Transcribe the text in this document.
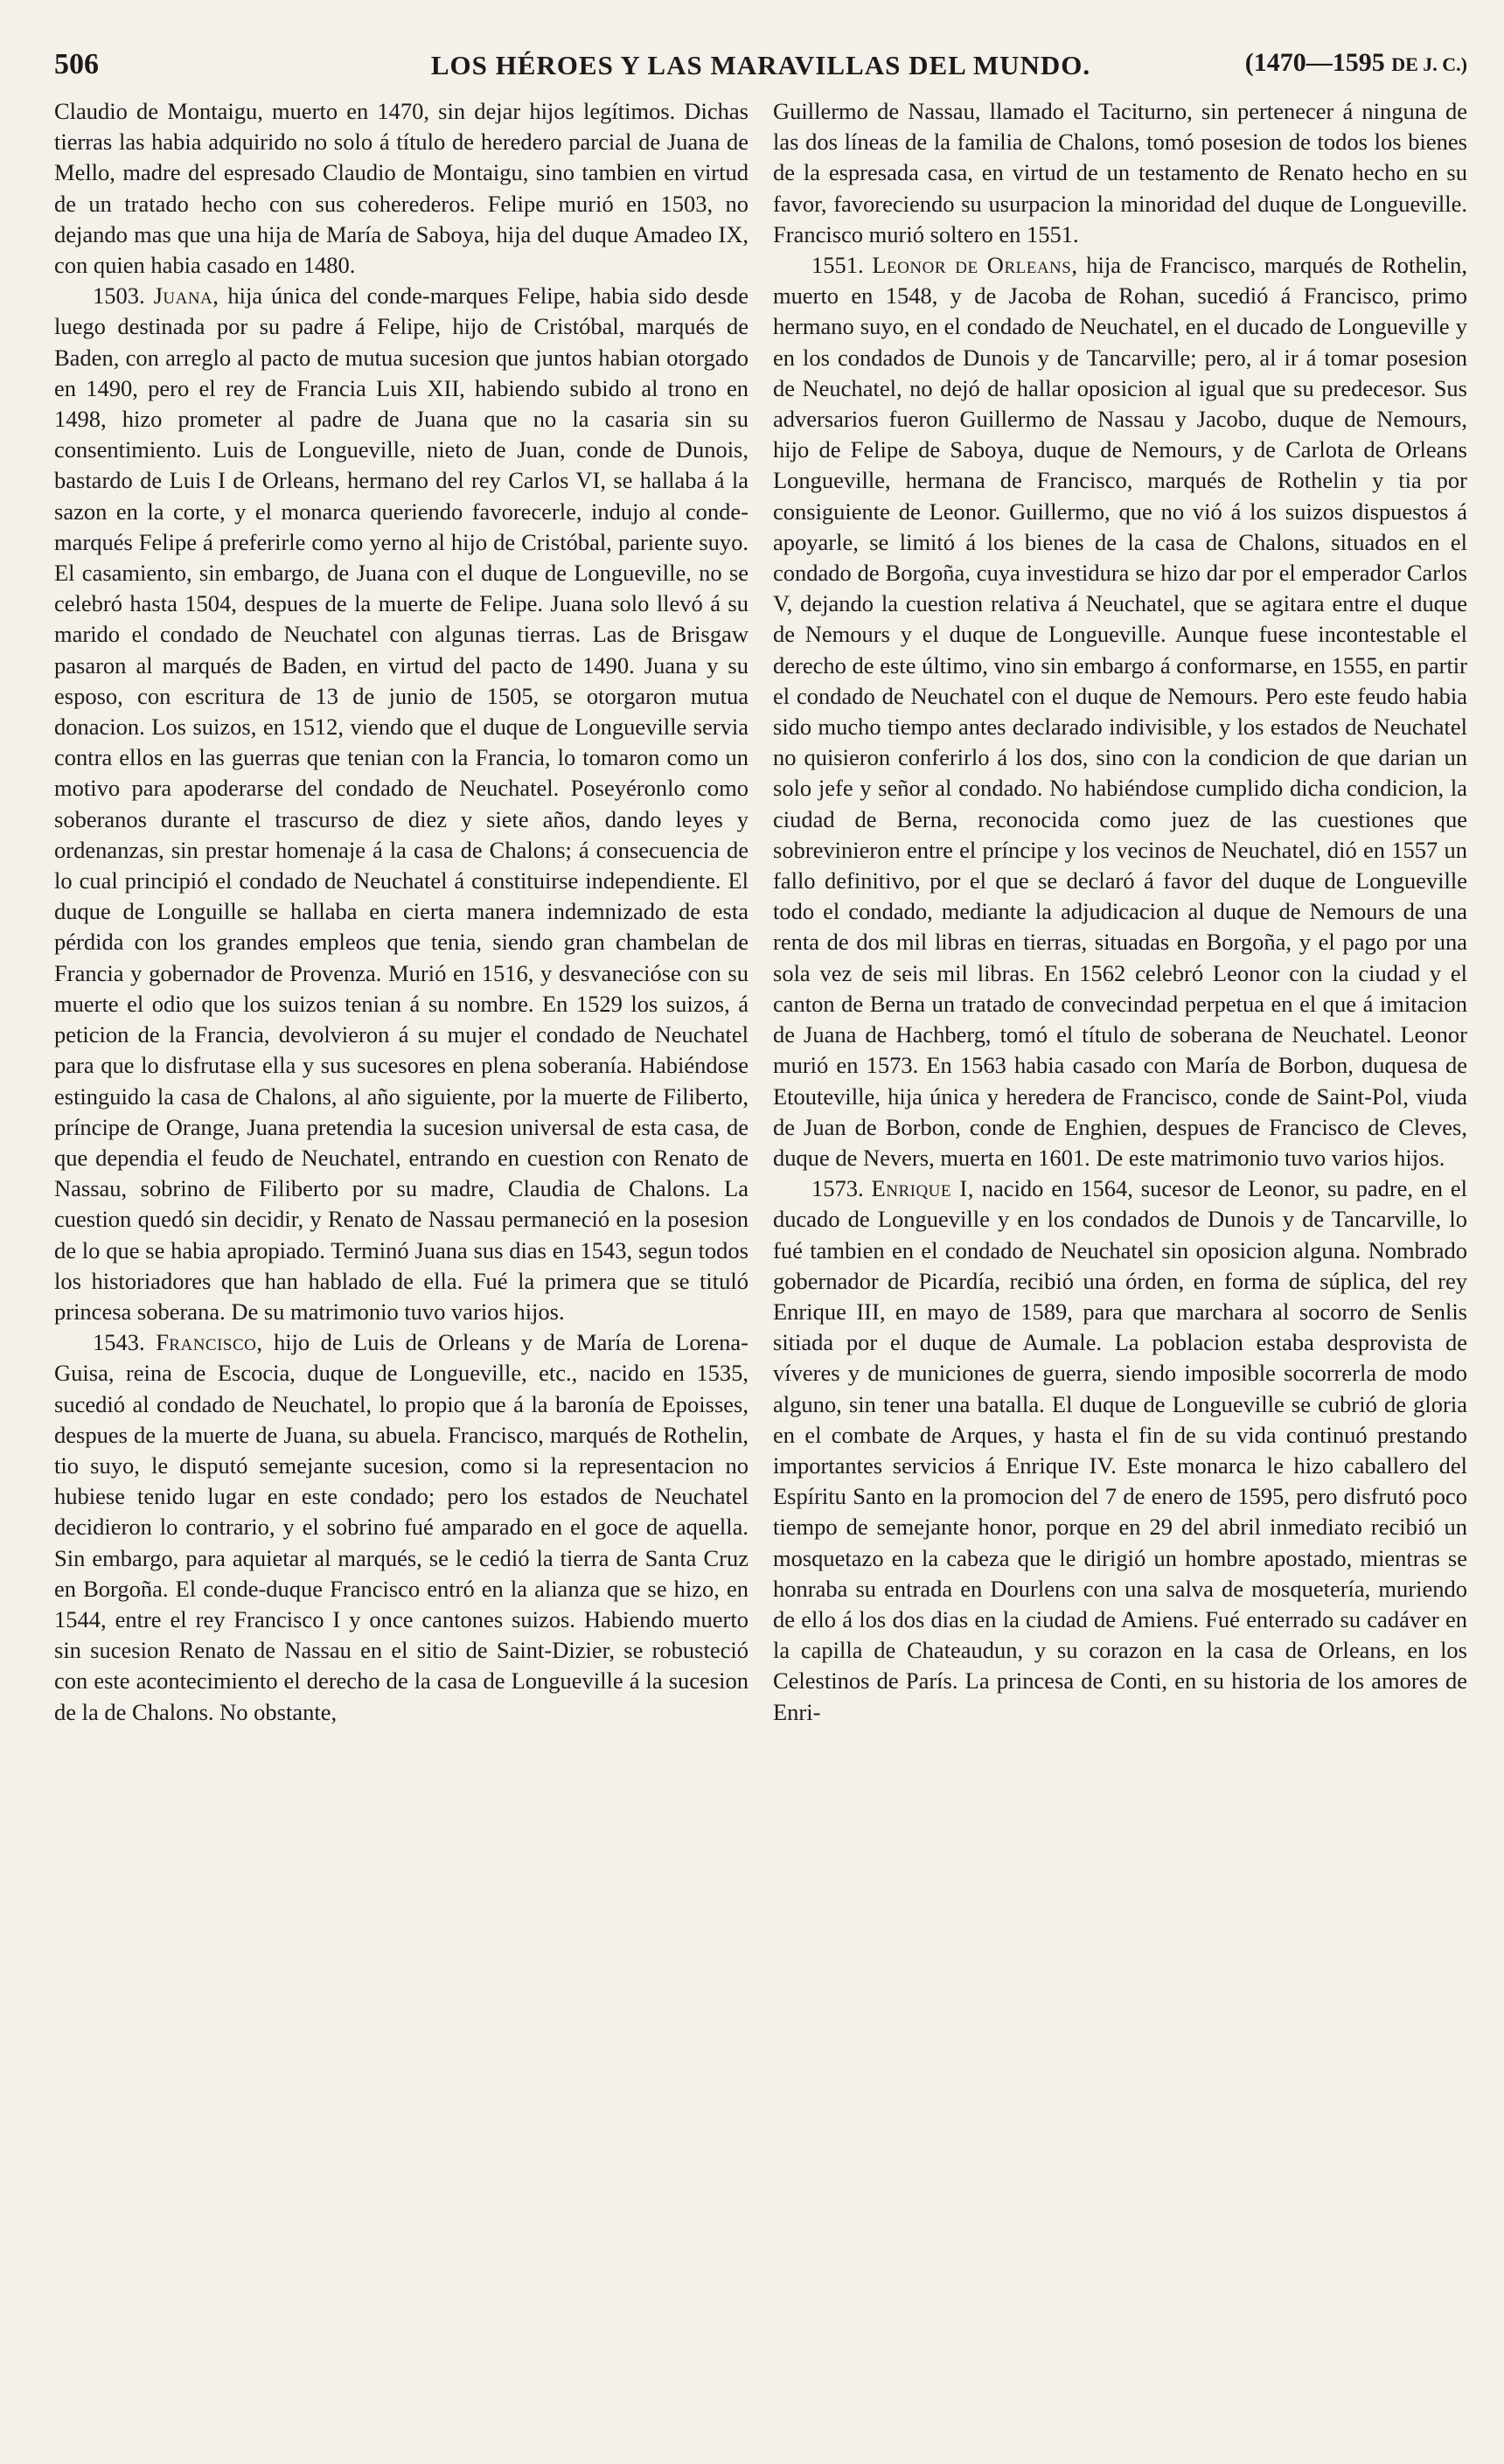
506	LOS HÉROES Y LAS MARAVILLAS DEL MUNDO.	(1470—1595 DE J. C.)

Claudio de Montaigu, muerto en 1470, sin dejar hijos legítimos. Dichas tierras las habia adquirido no solo á título de heredero parcial de Juana de Mello, madre del espresado Claudio de Montaigu, sino tambien en virtud de un tratado hecho con sus coherederos. Felipe murió en 1503, no dejando mas que una hija de María de Saboya, hija del duque Amadeo IX, con quien habia casado en 1480.

1503. Juana, hija única del conde-marques Felipe, habia sido desde luego destinada por su padre á Felipe, hijo de Cristóbal, marqués de Baden, con arreglo al pacto de mutua sucesion que juntos habian otorgado en 1490, pero el rey de Francia Luis XII, habiendo subido al trono en 1498, hizo prometer al padre de Juana que no la casaria sin su consentimiento. Luis de Longueville, nieto de Juan, conde de Dunois, bastardo de Luis I de Orleans, hermano del rey Carlos VI, se hallaba á la sazon en la corte, y el monarca queriendo favorecerle, indujo al conde-marqués Felipe á preferirle como yerno al hijo de Cristóbal, pariente suyo. El casamiento, sin embargo, de Juana con el duque de Longueville, no se celebró hasta 1504, despues de la muerte de Felipe. Juana solo llevó á su marido el condado de Neuchatel con algunas tierras. Las de Brisgaw pasaron al marqués de Baden, en virtud del pacto de 1490. Juana y su esposo, con escritura de 13 de junio de 1505, se otorgaron mutua donacion. Los suizos, en 1512, viendo que el duque de Longueville servia contra ellos en las guerras que tenian con la Francia, lo tomaron como un motivo para apoderarse del condado de Neuchatel. Poseyéronlo como soberanos durante el trascurso de diez y siete años, dando leyes y ordenanzas, sin prestar homenaje á la casa de Chalons; á consecuencia de lo cual principió el condado de Neuchatel á constituirse independiente. El duque de Longuille se hallaba en cierta manera indemnizado de esta pérdida con los grandes empleos que tenia, siendo gran chambelan de Francia y gobernador de Provenza. Murió en 1516, y desvanecióse con su muerte el odio que los suizos tenian á su nombre. En 1529 los suizos, á peticion de la Francia, devolvieron á su mujer el condado de Neuchatel para que lo disfrutase ella y sus sucesores en plena soberanía. Habiéndose estinguido la casa de Chalons, al año siguiente, por la muerte de Filiberto, príncipe de Orange, Juana pretendia la sucesion universal de esta casa, de que dependia el feudo de Neuchatel, entrando en cuestion con Renato de Nassau, sobrino de Filiberto por su madre, Claudia de Chalons. La cuestion quedó sin decidir, y Renato de Nassau permaneció en la posesion de lo que se habia apropiado. Terminó Juana sus dias en 1543, segun todos los historiadores que han hablado de ella. Fué la primera que se tituló princesa soberana. De su matrimonio tuvo varios hijos.

1543. Francisco, hijo de Luis de Orleans y de María de Lorena-Guisa, reina de Escocia, duque de Longueville, etc., nacido en 1535, sucedió al condado de Neuchatel, lo propio que á la baronía de Epoisses, despues de la muerte de Juana, su abuela. Francisco, marqués de Rothelin, tio suyo, le disputó semejante sucesion, como si la representacion no hubiese tenido lugar en este condado; pero los estados de Neuchatel decidieron lo contrario, y el sobrino fué amparado en el goce de aquella. Sin embargo, para aquietar al marqués, se le cedió la tierra de Santa Cruz en Borgoña. El conde-duque Francisco entró en la alianza que se hizo, en 1544, entre el rey Francisco I y once cantones suizos. Habiendo muerto sin sucesion Renato de Nassau en el sitio de Saint-Dizier, se robusteció con este acontecimiento el derecho de la casa de Longueville á la sucesion de la de Chalons. No obstante,

Guillermo de Nassau, llamado el Taciturno, sin pertenecer á ninguna de las dos líneas de la familia de Chalons, tomó posesion de todos los bienes de la espresada casa, en virtud de un testamento de Renato hecho en su favor, favoreciendo su usurpacion la minoridad del duque de Longueville. Francisco murió soltero en 1551.

1551. Leonor de Orleans, hija de Francisco, marqués de Rothelin, muerto en 1548, y de Jacoba de Rohan, sucedió á Francisco, primo hermano suyo, en el condado de Neuchatel, en el ducado de Longueville y en los condados de Dunois y de Tancarville; pero, al ir á tomar posesion de Neuchatel, no dejó de hallar oposicion al igual que su predecesor. Sus adversarios fueron Guillermo de Nassau y Jacobo, duque de Nemours, hijo de Felipe de Saboya, duque de Nemours, y de Carlota de Orleans Longueville, hermana de Francisco, marqués de Rothelin y tia por consiguiente de Leonor. Guillermo, que no vió á los suizos dispuestos á apoyarle, se limitó á los bienes de la casa de Chalons, situados en el condado de Borgoña, cuya investidura se hizo dar por el emperador Carlos V, dejando la cuestion relativa á Neuchatel, que se agitara entre el duque de Nemours y el duque de Longueville. Aunque fuese incontestable el derecho de este último, vino sin embargo á conformarse, en 1555, en partir el condado de Neuchatel con el duque de Nemours. Pero este feudo habia sido mucho tiempo antes declarado indivisible, y los estados de Neuchatel no quisieron conferirlo á los dos, sino con la condicion de que darian un solo jefe y señor al condado. No habiéndose cumplido dicha condicion, la ciudad de Berna, reconocida como juez de las cuestiones que sobrevinieron entre el príncipe y los vecinos de Neuchatel, dió en 1557 un fallo definitivo, por el que se declaró á favor del duque de Longueville todo el condado, mediante la adjudicacion al duque de Nemours de una renta de dos mil libras en tierras, situadas en Borgoña, y el pago por una sola vez de seis mil libras. En 1562 celebró Leonor con la ciudad y el canton de Berna un tratado de convecindad perpetua en el que á imitacion de Juana de Hachberg, tomó el título de soberana de Neuchatel. Leonor murió en 1573. En 1563 habia casado con María de Borbon, duquesa de Etouteville, hija única y heredera de Francisco, conde de Saint-Pol, viuda de Juan de Borbon, conde de Enghien, despues de Francisco de Cleves, duque de Nevers, muerta en 1601. De este matrimonio tuvo varios hijos.

1573. Enrique I, nacido en 1564, sucesor de Leonor, su padre, en el ducado de Longueville y en los condados de Dunois y de Tancarville, lo fué tambien en el condado de Neuchatel sin oposicion alguna. Nombrado gobernador de Picardía, recibió una órden, en forma de súplica, del rey Enrique III, en mayo de 1589, para que marchara al socorro de Senlis sitiada por el duque de Aumale. La poblacion estaba desprovista de víveres y de municiones de guerra, siendo imposible socorrerla de modo alguno, sin tener una batalla. El duque de Longueville se cubrió de gloria en el combate de Arques, y hasta el fin de su vida continuó prestando importantes servicios á Enrique IV. Este monarca le hizo caballero del Espíritu Santo en la promocion del 7 de enero de 1595, pero disfrutó poco tiempo de semejante honor, porque en 29 del abril inmediato recibió un mosquetazo en la cabeza que le dirigió un hombre apostado, mientras se honraba su entrada en Dourlens con una salva de mosquetería, muriendo de ello á los dos dias en la ciudad de Amiens. Fué enterrado su cadáver en la capilla de Chateaudun, y su corazon en la casa de Orleans, en los Celestinos de París. La princesa de Conti, en su historia de los amores de Enri-
